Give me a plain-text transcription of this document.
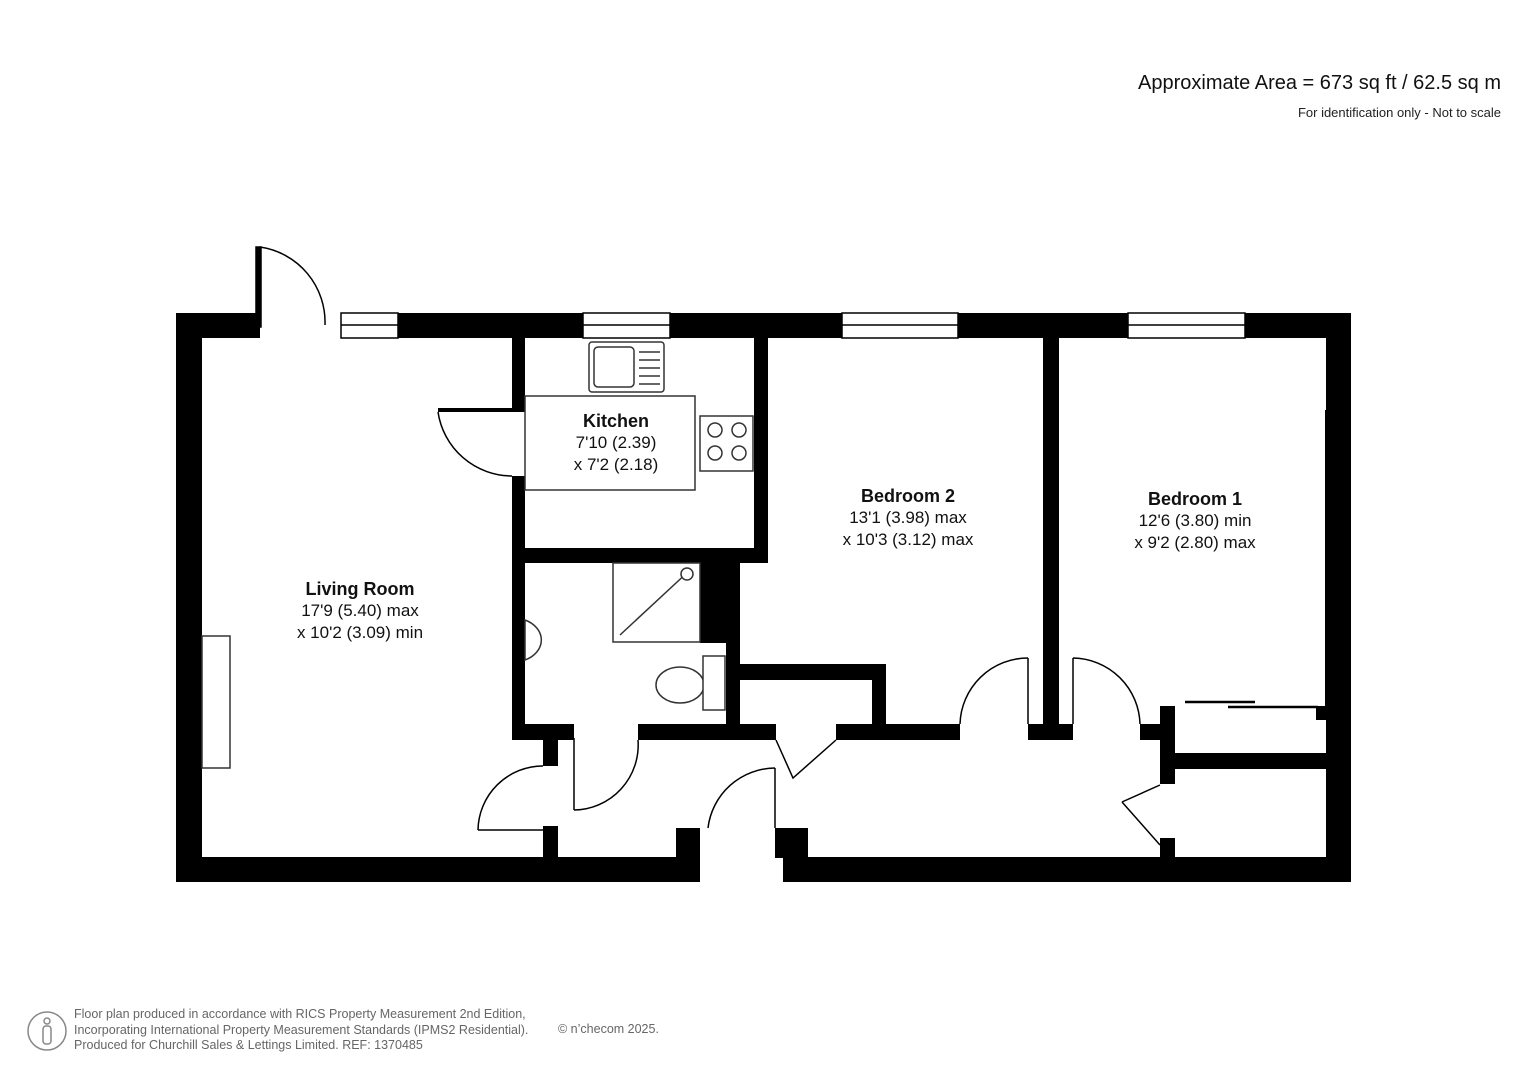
Approximate Area = 673 sq ft / 62.5 sq m
For identification only - Not to scale
Living Room
17'9 (5.40) max
x 10'2 (3.09) min
Kitchen
7'10 (2.39)
x 7'2 (2.18)
Bedroom 2
13'1 (3.98) max
x 10'3 (3.12) max
Bedroom 1
12'6 (3.80) min
x 9'2 (2.80) max
Floor plan produced in accordance with RICS Property Measurement 2nd Edition,
Incorporating International Property Measurement Standards (IPMS2 Residential).
Produced for Churchill Sales & Lettings Limited. REF: 1370485
© n’checom 2025.
